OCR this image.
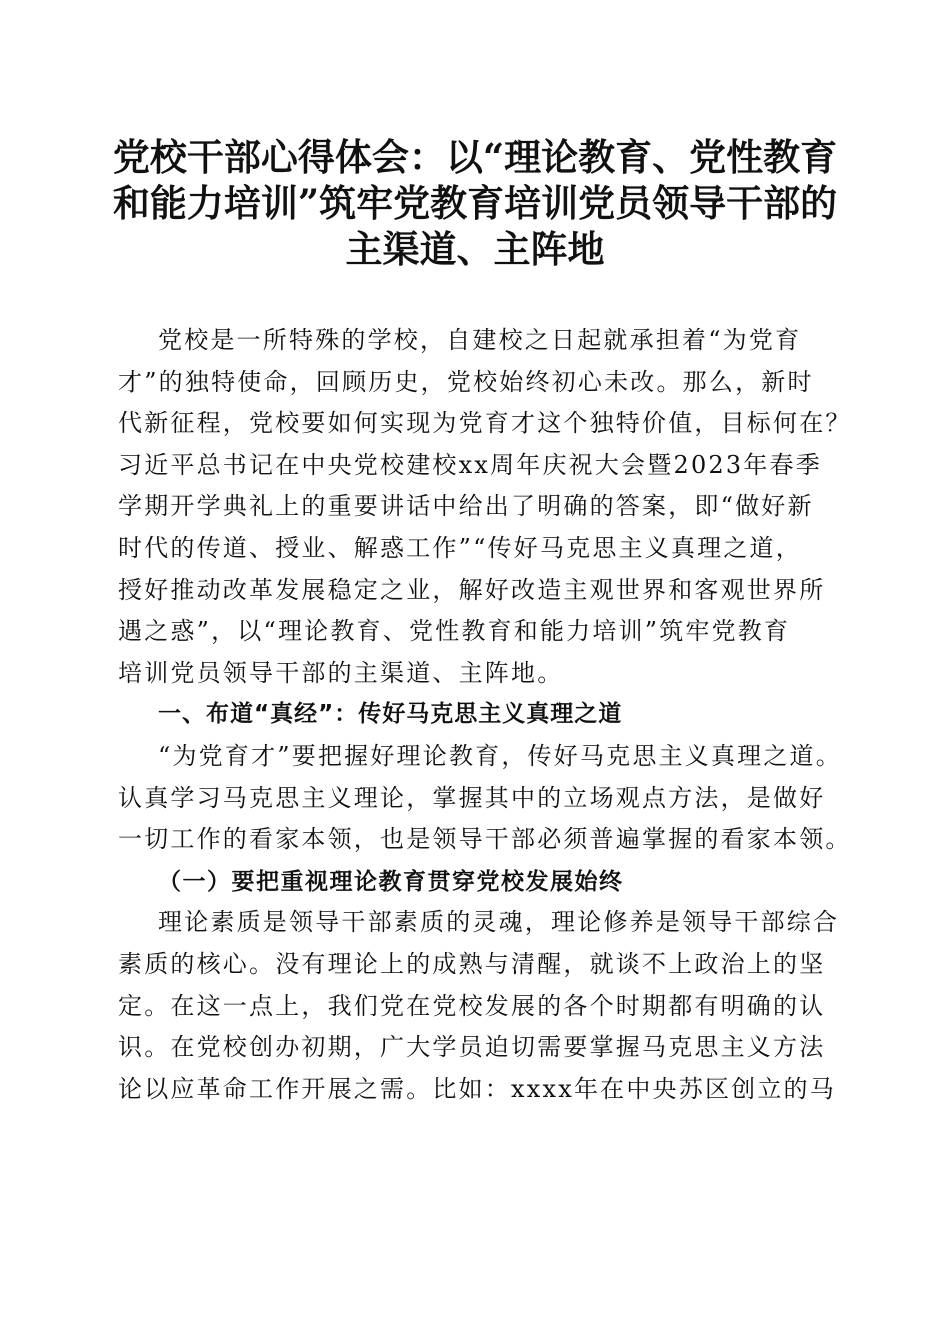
党校干部心得体会：以“理论教育、党性教育
和能力培训”筑牢党教育培训党员领导干部的
主渠道、主阵地

党校是一所特殊的学校，自建校之日起就承担着“为党育
才”的独特使命，回顾历史，党校始终初心未改。那么，新时
代新征程，党校要如何实现为党育才这个独特价值，目标何在？
习近平总书记在中央党校建校xx周年庆祝大会暨2023年春季
学期开学典礼上的重要讲话中给出了明确的答案，即“做好新
时代的传道、授业、解惑工作”“传好马克思主义真理之道，
授好推动改革发展稳定之业，解好改造主观世界和客观世界所
遇之惑”，以“理论教育、党性教育和能力培训”筑牢党教育
培训党员领导干部的主渠道、主阵地。

一、布道“真经”：传好马克思主义真理之道

“为党育才”要把握好理论教育，传好马克思主义真理之道。
认真学习马克思主义理论，掌握其中的立场观点方法，是做好
一切工作的看家本领，也是领导干部必须普遍掌握的看家本领。

（一）要把重视理论教育贯穿党校发展始终

理论素质是领导干部素质的灵魂，理论修养是领导干部综合
素质的核心。没有理论上的成熟与清醒，就谈不上政治上的坚
定。在这一点上，我们党在党校发展的各个时期都有明确的认
识。在党校创办初期，广大学员迫切需要掌握马克思主义方法
论以应革命工作开展之需。比如：xxxx年在中央苏区创立的马
